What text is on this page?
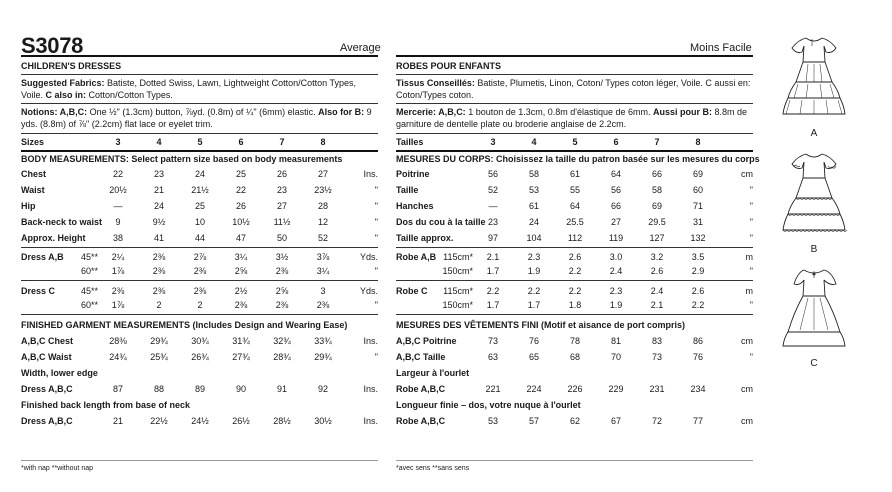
S3078	Average	Moins Facile
CHILDREN'S DRESSES
Suggested Fabrics: Batiste, Dotted Swiss, Lawn, Lightweight Cotton/Cotton Types, Voile. C also in: Cotton/Cotton Types.
Notions: A,B,C: One ½" (1.3cm) button, ⅞yd. (0.8m) of ¼" (6mm) elastic. Also for B: 9 yds. (8.8m) of ⅞" (2.2cm) flat lace or eyelet trim.
Sizes	3	4	5	6	7	8
BODY MEASUREMENTS: Select pattern size based on body measurements
Chest	22	23	24	25	26	27	Ins.
Waist	20½	21	21½	22	23	23½	"
Hip	—	24	25	26	27	28	"
Back-neck to waist	9	9½	10	10½	11½	12	"
Approx. Height	38	41	44	47	50	52	"
Dress A,B	45**	2¼	2⅜	2⅞	3¼	3½	3⅞	Yds.
60**	1⅞	2⅜	2⅜	2⅝	2⅜	3¼	"
Dress C	45**	2⅜	2⅜	2⅜	2½	2⅝	3	Yds.
60**	1⅞	2	2	2⅜	2⅜	2⅜	"
FINISHED GARMENT MEASUREMENTS (Includes Design and Wearing Ease)
A,B,C Chest	28⅜	29¾	30¾	31¾	32¾	33¾	Ins.
A,B,C Waist	24¾	25¾	26¾	27¾	28¾	29¾	"
Width, lower edge
Dress A,B,C	87	88	89	90	91	92	Ins.
Finished back length from base of neck
Dress A,B,C	21	22½	24½	26½	28½	30½	Ins.
ROBES POUR ENFANTS
Tissus Conseillés: Batiste, Plumetis, Linon, Coton/ Types coton léger, Voile. C aussi en: Coton/Types coton.
Mercerie: A,B,C: 1 bouton de 1.3cm, 0.8m d'élastique de 6mm. Aussi pour B: 8.8m de garniture de dentelle plate ou broderie anglaise de 2.2cm.
Tailles	3	4	5	6	7	8
MESURES DU CORPS: Choisissez la taille du patron basée sur les mesures du corps
Poitrine	56	58	61	64	66	69	cm
Taille	52	53	55	56	58	60	"
Hanches	—	61	64	66	69	71	"
Dos du cou à la taille 23	24	25.5	27	29.5	31	"
Taille approx.	97	104	112	119	127	132	"
Robe A,B 115cm*	2.1	2.3	2.6	3.0	3.2	3.5	m
150cm*	1.7	1.9	2.2	2.4	2.6	2.9	"
Robe C	115cm*	2.2	2.2	2.2	2.3	2.4	2.6	m
150cm*	1.7	1.7	1.8	1.9	2.1	2.2	"
MESURES DES VÊTEMENTS FINI (Motif et aisance de port compris)
A,B,C Poitrine	73	76	78	81	83	86	cm
A,B,C Taille	63	65	68	70	73	76	"
Largeur à l'ourlet
Robe A,B,C	221	224	226	229	231	234	cm
Longueur finie – dos, votre nuque à l'ourlet
Robe A,B,C	53	57	62	67	72	77	cm
*with nap **without nap	*avec sens **sans sens
A
B
C
